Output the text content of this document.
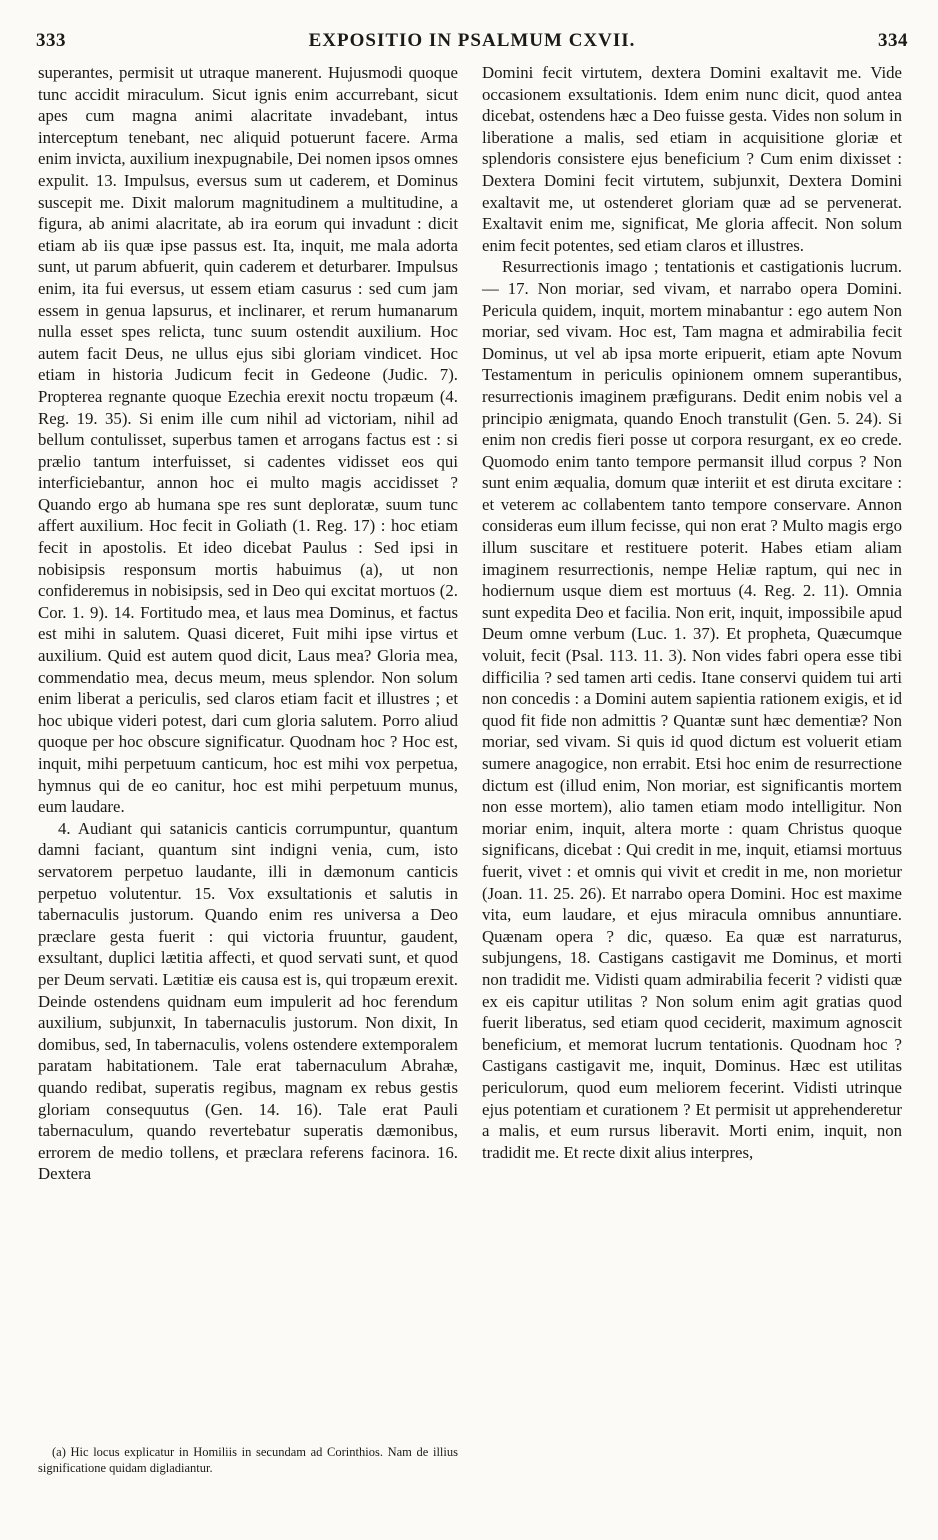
333	EXPOSITIO IN PSALMUM CXVII.	334

superantes, permisit ut utraque manerent. Hujusmodi quoque tunc accidit miraculum. Sicut ignis enim accurrebant, sicut apes cum magna animi alacritate invadebant, intus interceptum tenebant, nec aliquid potuerunt facere. Arma enim invicta, auxilium inexpugnabile, Dei nomen ipsos omnes expulit. 13. Impulsus, eversus sum ut caderem, et Dominus suscepit me. Dixit malorum magnitudinem a multitudine, a figura, ab animi alacritate, ab ira eorum qui invadunt : dicit etiam ab iis quæ ipse passus est. Ita, inquit, me mala adorta sunt, ut parum abfuerit, quin caderem et deturbarer. Impulsus enim, ita fui eversus, ut essem etiam casurus : sed cum jam essem in genua lapsurus, et inclinarer, et rerum humanarum nulla esset spes relicta, tunc suum ostendit auxilium. Hoc autem facit Deus, ne ullus ejus sibi gloriam vindicet. Hoc etiam in historia Judicum fecit in Gedeone (Judic. 7). Propterea regnante quoque Ezechia erexit noctu tropæum (4. Reg. 19. 35). Si enim ille cum nihil ad victoriam, nihil ad bellum contulisset, superbus tamen et arrogans factus est : si prælio tantum interfuisset, si cadentes vidisset eos qui interficiebantur, annon hoc ei multo magis accidisset ? Quando ergo ab humana spe res sunt deploratæ, suum tunc affert auxilium. Hoc fecit in Goliath (1. Reg. 17) : hoc etiam fecit in apostolis. Et ideo dicebat Paulus : Sed ipsi in nobisipsis responsum mortis habuimus (a), ut non confideremus in nobisipsis, sed in Deo qui excitat mortuos (2. Cor. 1. 9). 14. Fortitudo mea, et laus mea Dominus, et factus est mihi in salutem. Quasi diceret, Fuit mihi ipse virtus et auxilium. Quid est autem quod dicit, Laus mea? Gloria mea, commendatio mea, decus meum, meus splendor. Non solum enim liberat a periculis, sed claros etiam facit et illustres ; et hoc ubique videri potest, dari cum gloria salutem. Porro aliud quoque per hoc obscure significatur. Quodnam hoc ? Hoc est, inquit, mihi perpetuum canticum, hoc est mihi vox perpetua, hymnus qui de eo canitur, hoc est mihi perpetuum munus, eum laudare.

4. Audiant qui satanicis canticis corrumpuntur, quantum damni faciant, quantum sint indigni venia, cum, isto servatorem perpetuo laudante, illi in dæmonum canticis perpetuo volutentur. 15. Vox exsultationis et salutis in tabernaculis justorum. Quando enim res universa a Deo præclare gesta fuerit : qui victoria fruuntur, gaudent, exsultant, duplici lætitia affecti, et quod servati sunt, et quod per Deum servati. Lætitiæ eis causa est is, qui tropæum erexit. Deinde ostendens quidnam eum impulerit ad hoc ferendum auxilium, subjunxit, In tabernaculis justorum. Non dixit, In domibus, sed, In tabernaculis, volens ostendere extemporalem paratam habitationem. Tale erat tabernaculum Abrahæ, quando redibat, superatis regibus, magnam ex rebus gestis gloriam consequutus (Gen. 14. 16). Tale erat Pauli tabernaculum, quando revertebatur superatis dæmonibus, errorem de medio tollens, et præclara referens facinora. 16. Dextera

(a) Hic locus explicatur in Homiliis in secundam ad Corinthios. Nam de illius significatione quidam digladiantur.

Domini fecit virtutem, dextera Domini exaltavit me. Vide occasionem exsultationis. Idem enim nunc dicit, quod antea dicebat, ostendens hæc a Deo fuisse gesta. Vides non solum in liberatione a malis, sed etiam in acquisitione gloriæ et splendoris consistere ejus beneficium ? Cum enim dixisset : Dextera Domini fecit virtutem, subjunxit, Dextera Domini exaltavit me, ut ostenderet gloriam quæ ad se pervenerat. Exaltavit enim me, significat, Me gloria affecit. Non solum enim fecit potentes, sed etiam claros et illustres.

Resurrectionis imago ; tentationis et castigationis lucrum. — 17. Non moriar, sed vivam, et narrabo opera Domini. Pericula quidem, inquit, mortem minabantur : ego autem Non moriar, sed vivam. Hoc est, Tam magna et admirabilia fecit Dominus, ut vel ab ipsa morte eripuerit, etiam apte Novum Testamentum in periculis opinionem omnem superantibus, resurrectionis imaginem præfigurans. Dedit enim nobis vel a principio ænigmata, quando Enoch transtulit (Gen. 5. 24). Si enim non credis fieri posse ut corpora resurgant, ex eo crede. Quomodo enim tanto tempore permansit illud corpus ? Non sunt enim æqualia, domum quæ interiit et est diruta excitare : et veterem ac collabentem tanto tempore conservare. Annon consideras eum illum fecisse, qui non erat ? Multo magis ergo illum suscitare et restituere poterit. Habes etiam aliam imaginem resurrectionis, nempe Heliæ raptum, qui nec in hodiernum usque diem est mortuus (4. Reg. 2. 11). Omnia sunt expedita Deo et facilia. Non erit, inquit, impossibile apud Deum omne verbum (Luc. 1. 37). Et propheta, Quæcumque voluit, fecit (Psal. 113. 11. 3). Non vides fabri opera esse tibi difficilia ? sed tamen arti cedis. Itane conservi quidem tui arti non concedis : a Domini autem sapientia rationem exigis, et id quod fit fide non admittis ? Quantæ sunt hæc dementiæ? Non moriar, sed vivam. Si quis id quod dictum est voluerit etiam sumere anagogice, non errabit. Etsi hoc enim de resurrectione dictum est (illud enim, Non moriar, est significantis mortem non esse mortem), alio tamen etiam modo intelligitur. Non moriar enim, inquit, altera morte : quam Christus quoque significans, dicebat : Qui credit in me, inquit, etiamsi mortuus fuerit, vivet : et omnis qui vivit et credit in me, non morietur (Joan. 11. 25. 26). Et narrabo opera Domini. Hoc est maxime vita, eum laudare, et ejus miracula omnibus annuntiare. Quænam opera ? dic, quæso. Ea quæ est narraturus, subjungens, 18. Castigans castigavit me Dominus, et morti non tradidit me. Vidisti quam admirabilia fecerit ? vidisti quæ ex eis capitur utilitas ? Non solum enim agit gratias quod fuerit liberatus, sed etiam quod ceciderit, maximum agnoscit beneficium, et memorat lucrum tentationis. Quodnam hoc ? Castigans castigavit me, inquit, Dominus. Hæc est utilitas periculorum, quod eum meliorem fecerint. Vidisti utrinque ejus potentiam et curationem ? Et permisit ut apprehenderetur a malis, et eum rursus liberavit. Morti enim, inquit, non tradidit me. Et recte dixit alius interpres,
